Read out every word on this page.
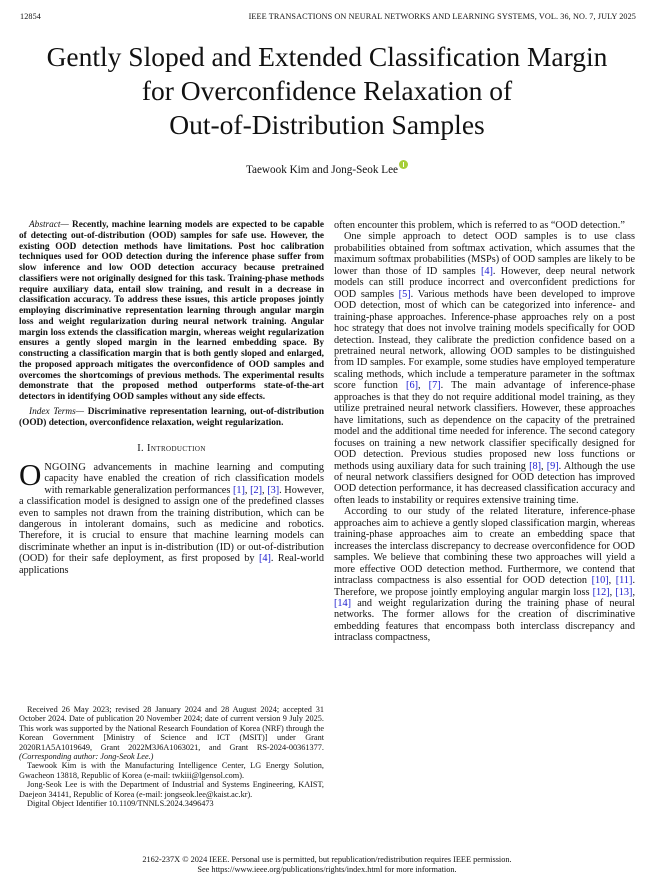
12854	IEEE TRANSACTIONS ON NEURAL NETWORKS AND LEARNING SYSTEMS, VOL. 36, NO. 7, JULY 2025
Gently Sloped and Extended Classification Margin
for Overconfidence Relaxation of
Out-of-Distribution Samples
Taewook Kim and Jong-Seok Lee

Abstract— Recently, machine learning models are expected to be capable of detecting out-of-distribution (OOD) samples for safe use. However, the existing OOD detection methods have limitations. Post hoc calibration techniques used for OOD detection during the inference phase suffer from slow inference and low OOD detection accuracy because pretrained classifiers were not originally designed for this task. Training-phase methods require auxiliary data, entail slow training, and result in a decrease in classification accuracy. To address these issues, this article proposes jointly employing discriminative representation learning through angular margin loss and weight regularization during neural network training. Angular margin loss extends the classification margin, whereas weight regularization ensures a gently sloped margin in the learned embedding space. By constructing a classification margin that is both gently sloped and enlarged, the proposed approach mitigates the overconfidence of OOD samples and overcomes the shortcomings of previous methods. The experimental results demonstrate that the proposed method outperforms state-of-the-art detectors in identifying OOD samples without any side effects.

Index Terms— Discriminative representation learning, out-of-distribution (OOD) detection, overconfidence relaxation, weight regularization.

I. Introduction

ONGOING advancements in machine learning and computing capacity have enabled the creation of rich classification models with remarkable generalization performances [1], [2], [3]. However, a classification model is designed to assign one of the predefined classes even to samples not drawn from the training distribution, which can be dangerous in intolerant domains, such as medicine and robotics. Therefore, it is crucial to ensure that machine learning models can discriminate whether an input is in-distribution (ID) or out-of-distribution (OOD) for their safe deployment, as first proposed by [4]. Real-world applications

Received 26 May 2023; revised 28 January 2024 and 28 August 2024; accepted 31 October 2024. Date of publication 20 November 2024; date of current version 9 July 2025. This work was supported by the National Research Foundation of Korea (NRF) through the Korean Government [Ministry of Science and ICT (MSIT)] under Grant 2020R1A5A1019649, Grant 2022M3J6A1063021, and Grant RS-2024-00361377. (Corresponding author: Jong-Seok Lee.)

Taewook Kim is with the Manufacturing Intelligence Center, LG Energy Solution, Gwacheon 13818, Republic of Korea (e-mail: twkiii@lgensol.com).

Jong-Seok Lee is with the Department of Industrial and Systems Engineering, KAIST, Daejeon 34141, Republic of Korea (e-mail: jongseok.lee@kaist.ac.kr).

Digital Object Identifier 10.1109/TNNLS.2024.3496473

often encounter this problem, which is referred to as “OOD detection.”

One simple approach to detect OOD samples is to use class probabilities obtained from softmax activation, which assumes that the maximum softmax probabilities (MSPs) of OOD samples are likely to be lower than those of ID samples [4]. However, deep neural network models can still produce incorrect and overconfident predictions for OOD samples [5]. Various methods have been developed to improve OOD detection, most of which can be categorized into inference- and training-phase approaches. Inference-phase approaches rely on a post hoc strategy that does not involve training models specifically for OOD detection. Instead, they calibrate the prediction confidence based on a pretrained neural network, allowing OOD samples to be distinguished from ID samples. For example, some studies have employed temperature scaling methods, which include a temperature parameter in the softmax score function [6], [7]. The main advantage of inference-phase approaches is that they do not require additional model training, as they utilize pretrained neural network classifiers. However, these approaches have limitations, such as dependence on the capacity of the pretrained model and the additional time needed for inference. The second category focuses on training a new network classifier specifically designed for OOD detection. Previous studies proposed new loss functions or methods using auxiliary data for such training [8], [9]. Although the use of neural network classifiers designed for OOD detection has improved OOD detection performance, it has decreased classification accuracy and often leads to instability or requires extensive training time.

According to our study of the related literature, inference-phase approaches aim to achieve a gently sloped classification margin, whereas training-phase approaches aim to create an embedding space that increases the interclass discrepancy to decrease overconfidence for OOD samples. We believe that combining these two approaches will yield a more effective OOD detection method. Furthermore, we contend that intraclass compactness is also essential for OOD detection [10], [11]. Therefore, we propose jointly employing angular margin loss [12], [13], [14] and weight regularization during the training phase of neural networks. The former allows for the creation of discriminative embedding features that encompass both interclass discrepancy and intraclass compactness,

2162-237X © 2024 IEEE. Personal use is permitted, but republication/redistribution requires IEEE permission.
See https://www.ieee.org/publications/rights/index.html for more information.
